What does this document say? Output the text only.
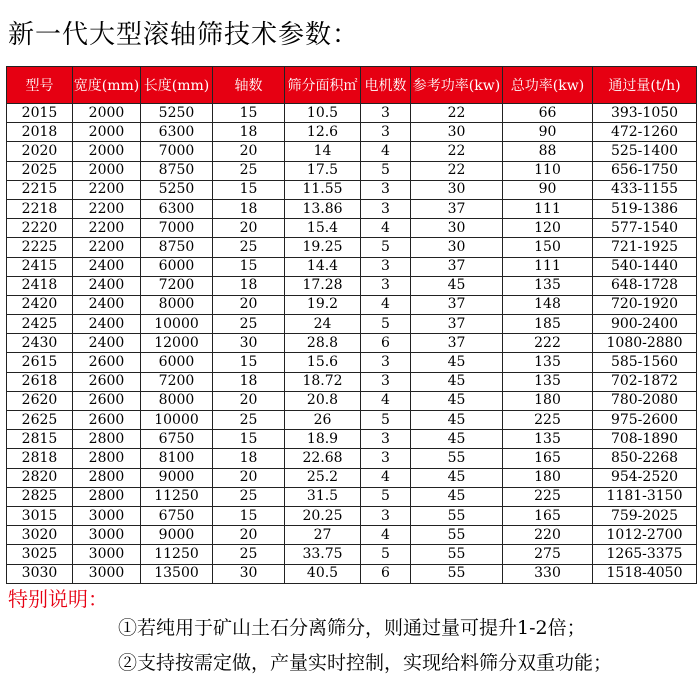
新一代大型滚轴筛技术参数：
型号	宽度(mm)	长度(mm)	轴数	筛分面积㎡	电机数	参考功率(kw)	总功率(kw)	通过量(t/h)
2015	2000	5250	15	10.5	3	22	66	393-1050
2018	2000	6300	18	12.6	3	30	90	472-1260
2020	2000	7000	20	14	4	22	88	525-1400
2025	2000	8750	25	17.5	5	22	110	656-1750
2215	2200	5250	15	11.55	3	30	90	433-1155
2218	2200	6300	18	13.86	3	37	111	519-1386
2220	2200	7000	20	15.4	4	30	120	577-1540
2225	2200	8750	25	19.25	5	30	150	721-1925
2415	2400	6000	15	14.4	3	37	111	540-1440
2418	2400	7200	18	17.28	3	45	135	648-1728
2420	2400	8000	20	19.2	4	37	148	720-1920
2425	2400	10000	25	24	5	37	185	900-2400
2430	2400	12000	30	28.8	6	37	222	1080-2880
2615	2600	6000	15	15.6	3	45	135	585-1560
2618	2600	7200	18	18.72	3	45	135	702-1872
2620	2600	8000	20	20.8	4	45	180	780-2080
2625	2600	10000	25	26	5	45	225	975-2600
2815	2800	6750	15	18.9	3	45	135	708-1890
2818	2800	8100	18	22.68	3	55	165	850-2268
2820	2800	9000	20	25.2	4	45	180	954-2520
2825	2800	11250	25	31.5	5	45	225	1181-3150
3015	3000	6750	15	20.25	3	55	165	759-2025
3020	3000	9000	20	27	4	55	220	1012-2700
3025	3000	11250	25	33.75	5	55	275	1265-3375
3030	3000	13500	30	40.5	6	55	330	1518-4050
特别说明：
①若纯用于矿山土石分离筛分，则通过量可提升1-2倍；
②支持按需定做，产量实时控制，实现给料筛分双重功能；
